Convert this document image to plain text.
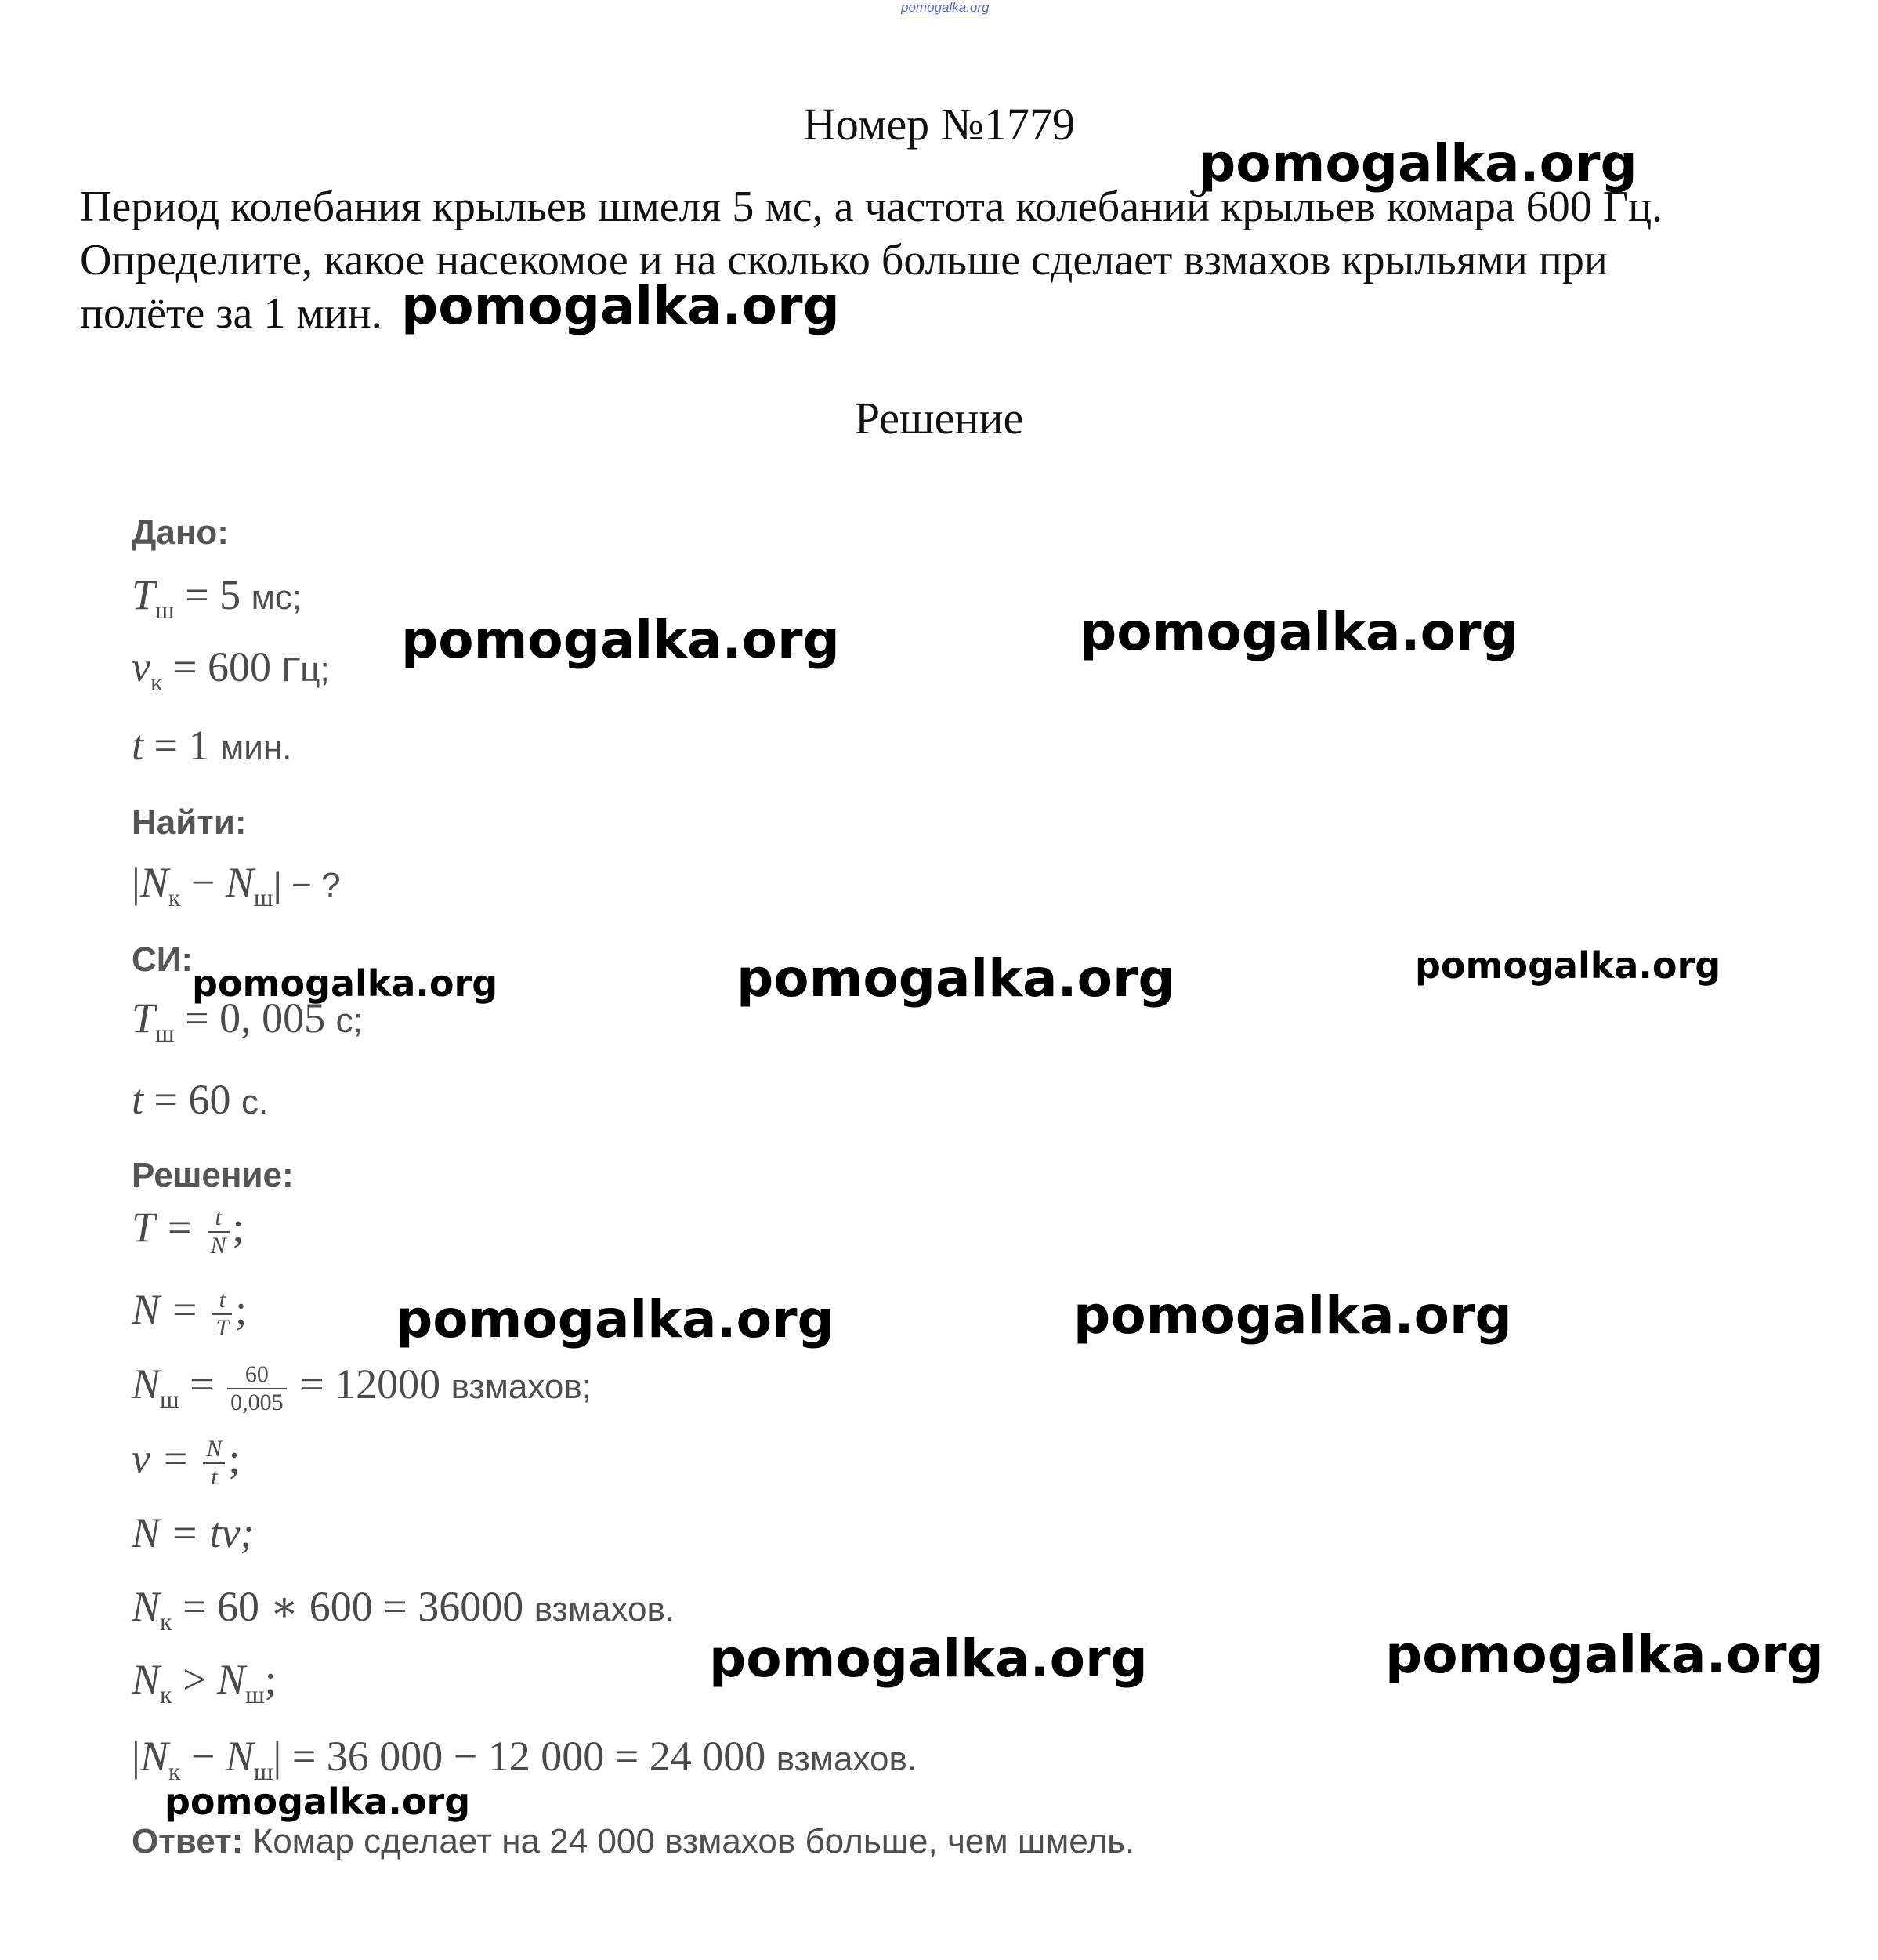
pomogalka.org
Номер №1779
Период колебания крыльев шмеля 5 мс, а частота колебаний крыльев комара 600 Гц.
Определите, какое насекомое и на сколько больше сделает взмахов крыльями при
полёте за 1 мин.
Решение
Дано:
$T_ш = 5$ мс;
$\nu_к = 600$ Гц;
t = 1 мин.
Найти:
$|N_к - N_ш|$ − ?
СИ:
$T_ш = 0$, 005 с;
t = 60 с.
Решение:
$T = \frac{t}{N}$ ;
$N = \frac{t}{T}$ ;
$N_ш = \frac{60}{0,005} = 12000$ взмахов;
$\nu = \frac{N}{t}$ ;
N = tν;
$N_к = 60$ ∗ 600 = 36000 взмахов.
$N_к > N_ш$;
$|N_к - N_ш| = 36$ 000 − 12 000 = 24 000 взмахов.
Ответ: Комар сделает на 24 000 взмахов больше, чем шмель.
pomogalka.org
pomogalka.org
pomogalka.org	pomogalka.org
pomogalka.org	pomogalka.org	pomogalka.org
pomogalka.org	pomogalka.org
pomogalka.org	pomogalka.org
pomogalka.org
